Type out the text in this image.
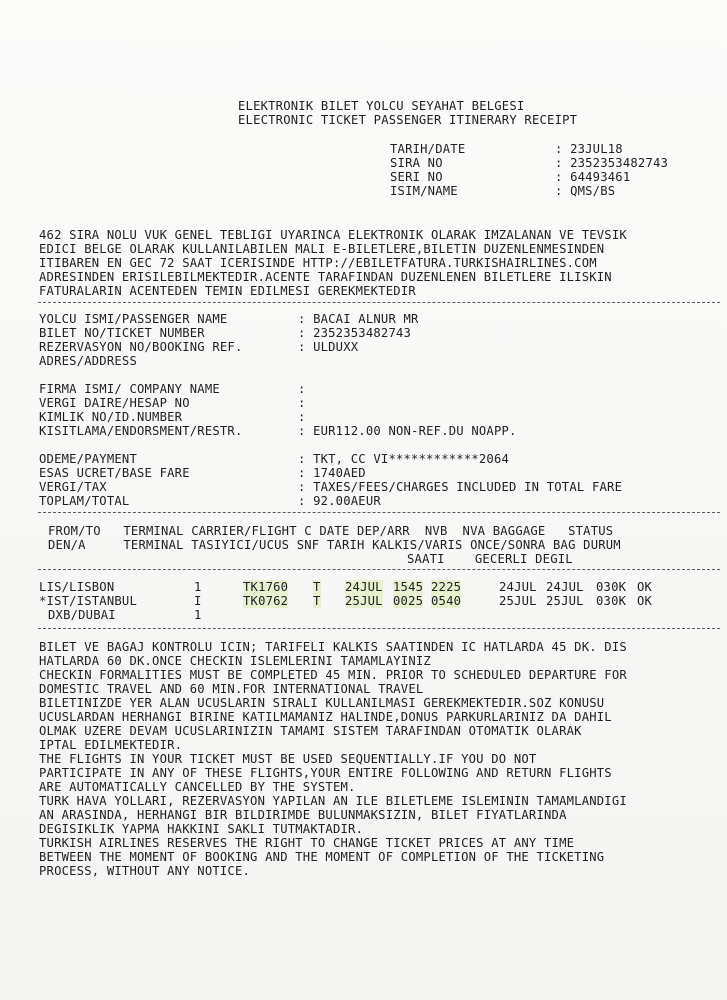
ELEKTRONIK BILET YOLCU SEYAHAT BELGESI
ELECTRONIC TICKET PASSENGER ITINERARY RECEIPT
TARIH/DATE	: 23JUL18
SIRA NO	: 2352353482743
SERI NO	: 64493461
ISIM/NAME	: QMS/BS
462 SIRA NOLU VUK GENEL TEBLIGI UYARINCA ELEKTRONIK OLARAK IMZALANAN VE TEVSIK
EDICI BELGE OLARAK KULLANILABILEN MALI E-BILETLERE,BILETIN DUZENLENMESINDEN
ITIBAREN EN GEC 72 SAAT ICERISINDE HTTP://EBILETFATURA.TURKISHAIRLINES.COM
ADRESINDEN ERISILEBILMEKTEDIR.ACENTE TARAFINDAN DUZENLENEN BILETLERE ILISKIN
FATURALARIN ACENTEDEN TEMIN EDILMESI GEREKMEKTEDIR
YOLCU ISMI/PASSENGER NAME	: BACAI ALNUR MR
BILET NO/TICKET NUMBER	: 2352353482743
REZERVASYON NO/BOOKING REF.	: ULDUXX
ADRES/ADDRESS
FIRMA ISMI/ COMPANY NAME	:
VERGI DAIRE/HESAP NO	:
KIMLIK NO/ID.NUMBER	:
KISITLAMA/ENDORSMENT/RESTR.	: EUR112.00 NON-REF.DU NOAPP.
ODEME/PAYMENT	: TKT, CC VI************2064
ESAS UCRET/BASE FARE	: 1740AED
VERGI/TAX	: TAXES/FEES/CHARGES INCLUDED IN TOTAL FARE
TOPLAM/TOTAL	: 92.00AEUR
FROM/TO   TERMINAL CARRIER/FLIGHT C DATE DEP/ARR  NVB  NVA BAGGAGE   STATUS
DEN/A     TERMINAL TASIYICI/UCUS SNF TARIH KALKIS/VARIS ONCE/SONRA BAG DURUM
SAATI    GECERLI DEGIL
LIS/LISBON	1	TK1760 T 24JUL 1545 2225	24JUL 24JUL 030K OK
*IST/ISTANBUL	I	TK0762 T 25JUL 0025 0540	25JUL 25JUL 030K OK
DXB/DUBAI	1
BILET VE BAGAJ KONTROLU ICIN; TARIFELI KALKIS SAATINDEN IC HATLARDA 45 DK. DIS
HATLARDA 60 DK.ONCE CHECKIN ISLEMLERINI TAMAMLAYINIZ
CHECKIN FORMALITIES MUST BE COMPLETED 45 MIN. PRIOR TO SCHEDULED DEPARTURE FOR
DOMESTIC TRAVEL AND 60 MIN.FOR INTERNATIONAL TRAVEL
BILETINIZDE YER ALAN UCUSLARIN SIRALI KULLANILMASI GEREKMEKTEDIR.SOZ KONUSU
UCUSLARDAN HERHANGI BIRINE KATILMAMANIZ HALINDE,DONUS PARKURLARINIZ DA DAHIL
OLMAK UZERE DEVAM UCUSLARINIZIN TAMAMI SISTEM TARAFINDAN OTOMATIK OLARAK
IPTAL EDILMEKTEDIR.
THE FLIGHTS IN YOUR TICKET MUST BE USED SEQUENTIALLY.IF YOU DO NOT
PARTICIPATE IN ANY OF THESE FLIGHTS,YOUR ENTIRE FOLLOWING AND RETURN FLIGHTS
ARE AUTOMATICALLY CANCELLED BY THE SYSTEM.
TURK HAVA YOLLARI, REZERVASYON YAPILAN AN ILE BILETLEME ISLEMININ TAMAMLANDIGI
AN ARASINDA, HERHANGI BIR BILDIRIMDE BULUNMAKSIZIN, BILET FIYATLARINDA
DEGISIKLIK YAPMA HAKKINI SAKLI TUTMAKTADIR.
TURKISH AIRLINES RESERVES THE RIGHT TO CHANGE TICKET PRICES AT ANY TIME
BETWEEN THE MOMENT OF BOOKING AND THE MOMENT OF COMPLETION OF THE TICKETING
PROCESS, WITHOUT ANY NOTICE.
